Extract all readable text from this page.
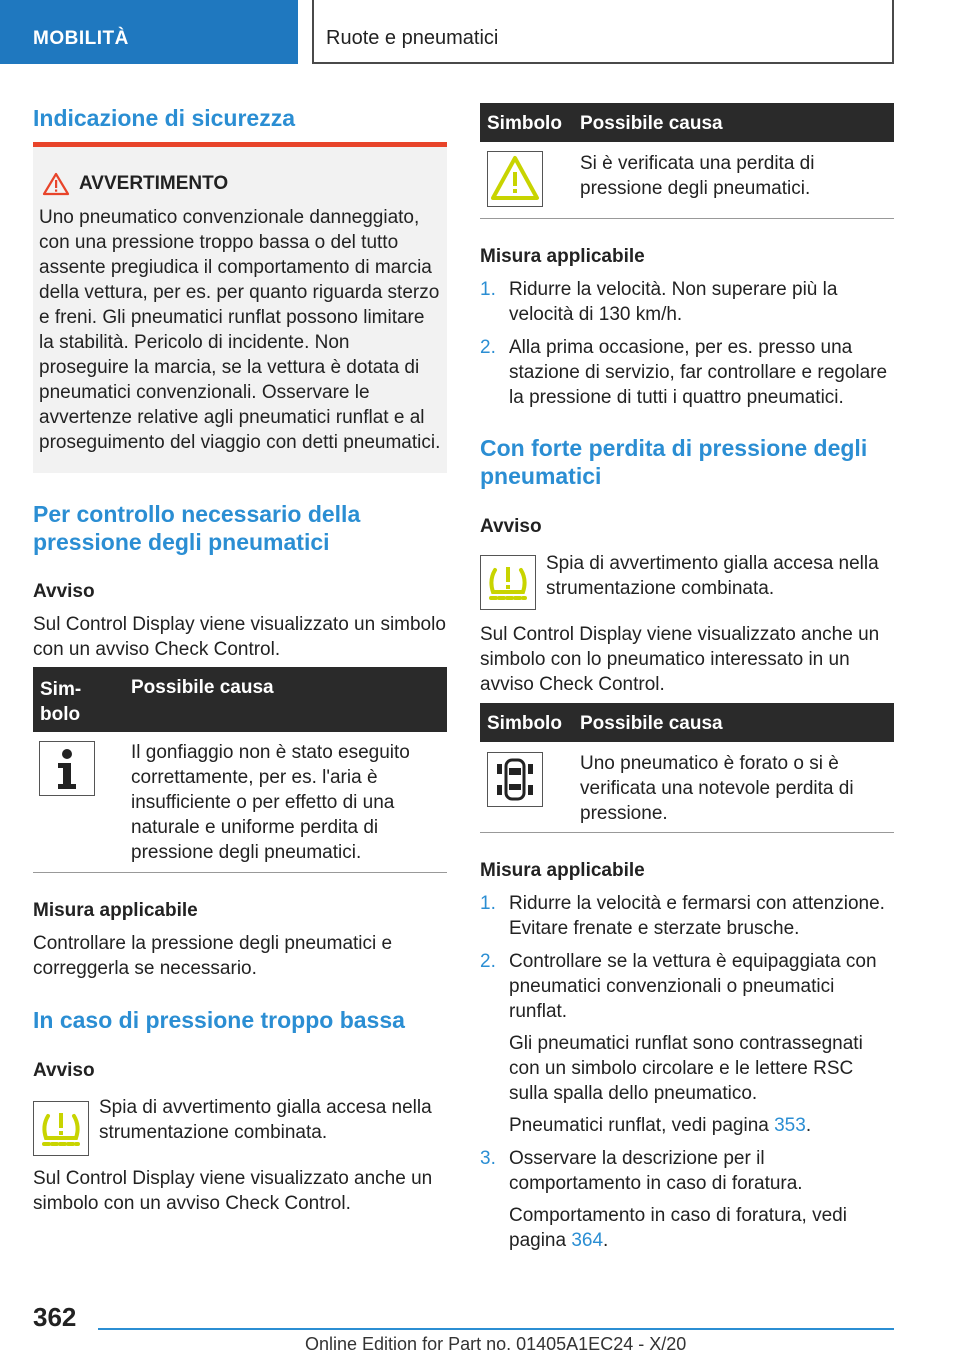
MOBILITÀ	Ruote e pneumatici
Indicazione di sicurezza
AVVERTIMENTO
Uno pneumatico convenzionale danneggiato, con una pressione troppo bassa o del tutto assente pregiudica il comportamento di marcia della vettura, per es. per quanto riguarda sterzo e freni. Gli pneumatici runflat possono limitare la stabilità. Pericolo di incidente. Non proseguire la marcia, se la vettura è dotata di pneumatici convenzionali. Osservare le avvertenze relative agli pneumatici runflat e al proseguimento del viaggio con detti pneumatici.
Per controllo necessario della
pressione degli pneumatici
Avviso
Sul Control Display viene visualizzato un simbolo con un avviso Check Control.
Sim-
bolo
Possibile causa
Il gonfiaggio non è stato eseguito correttamente, per es. l'aria è insufficiente o per effetto di una naturale e uniforme perdita di pressione degli pneumatici.
Misura applicabile
Controllare la pressione degli pneumatici e correggerla se necessario.
In caso di pressione troppo bassa
Avviso
Spia di avvertimento gialla accesa nella strumentazione combinata.
Sul Control Display viene visualizzato anche un simbolo con un avviso Check Control.
Simbolo Possibile causa
Si è verificata una perdita di pressione degli pneumatici.
Misura applicabile
1. Ridurre la velocità. Non superare più la velocità di 130 km/h.
2. Alla prima occasione, per es. presso una stazione di servizio, far controllare e regolare la pressione di tutti i quattro pneumatici.
Con forte perdita di pressione degli
pneumatici
Avviso
Spia di avvertimento gialla accesa nella strumentazione combinata.
Sul Control Display viene visualizzato anche un simbolo con lo pneumatico interessato in un avviso Check Control.
Simbolo Possibile causa
Uno pneumatico è forato o si è verificata una notevole perdita di pressione.
Misura applicabile
1. Ridurre la velocità e fermarsi con attenzione. Evitare frenate e sterzate brusche.
2. Controllare se la vettura è equipaggiata con pneumatici convenzionali o pneumatici runflat.
Gli pneumatici runflat sono contrassegnati con un simbolo circolare e le lettere RSC sulla spalla dello pneumatico.
Pneumatici runflat, vedi pagina 353.
3. Osservare la descrizione per il comportamento in caso di foratura.
Comportamento in caso di foratura, vedi pagina 364.
362
Online Edition for Part no. 01405A1EC24 - X/20
